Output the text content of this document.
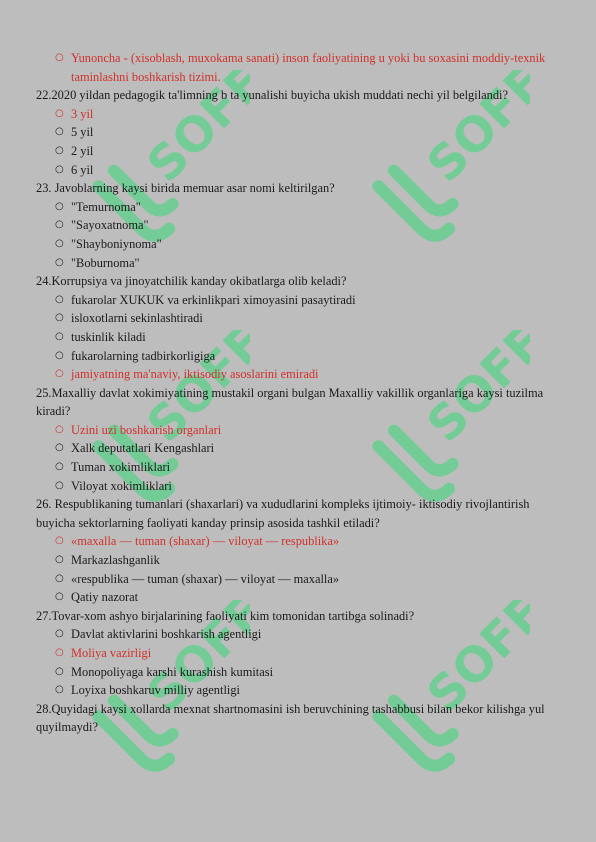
SOFF	SOFF
SOFF	SOFF
SOFF	SOFF
○ Yunoncha - (xisoblash, muxokama sanati) inson faoliyatining u yoki bu soxasini moddiy-texnik taminlashni boshkarish tizimi.

22.2020 yildan pedagogik ta'limning b ta yunalishi buyicha ukish muddati nechi yil belgilandi?

○ 3 yil
○ 5 yil
○ 2 yil
○ 6 yil

23. Javoblarning kaysi birida memuar asar nomi keltirilgan?

○ "Temurnoma"
○ "Sayoxatnoma"
○ "Shayboniynoma"
○ "Boburnoma"

24.Korrupsiya va jinoyatchilik kanday okibatlarga olib keladi?

○ fukarolar XUKUK va erkinlikpari ximoyasini pasaytiradi
○ isloxotlarni sekinlashtiradi
○ tuskinlik kiladi
○ fukarolarning tadbirkorligiga
○ jamiyatning ma'naviy, iktisodiy asoslarini emiradi

25.Maxalliy davlat xokimiyatining mustakil organi bulgan Maxalliy vakillik organlariga kaysi tuzilma kiradi?

○ Uzini uzi boshkarish organlari
○ Xalk deputatlari Kengashlari
○ Tuman xokimliklari
○ Viloyat xokimliklari

26. Respublikaning tumanlari (shaxarlari) va xududlarini kompleks ijtimoiy- iktisodiy rivojlantirish buyicha sektorlarning faoliyati kanday prinsip asosida tashkil etiladi?

○ «maxalla — tuman (shaxar) — viloyat — respublika»
○ Markazlashganlik
○ «respublika — tuman (shaxar) — viloyat — maxalla»
○ Qatiy nazorat

27.Tovar-xom ashyo birjalarining faoliyati kim tomonidan tartibga solinadi?

○ Davlat aktivlarini boshkarish agentligi
○ Moliya vazirligi
○ Monopoliyaga karshi kurashish kumitasi
○ Loyixa boshkaruv milliy agentligi

28.Quyidagi kaysi xollarda mexnat shartnomasini ish beruvchining tashabbusi bilan bekor kilishga yul quyilmaydi?
